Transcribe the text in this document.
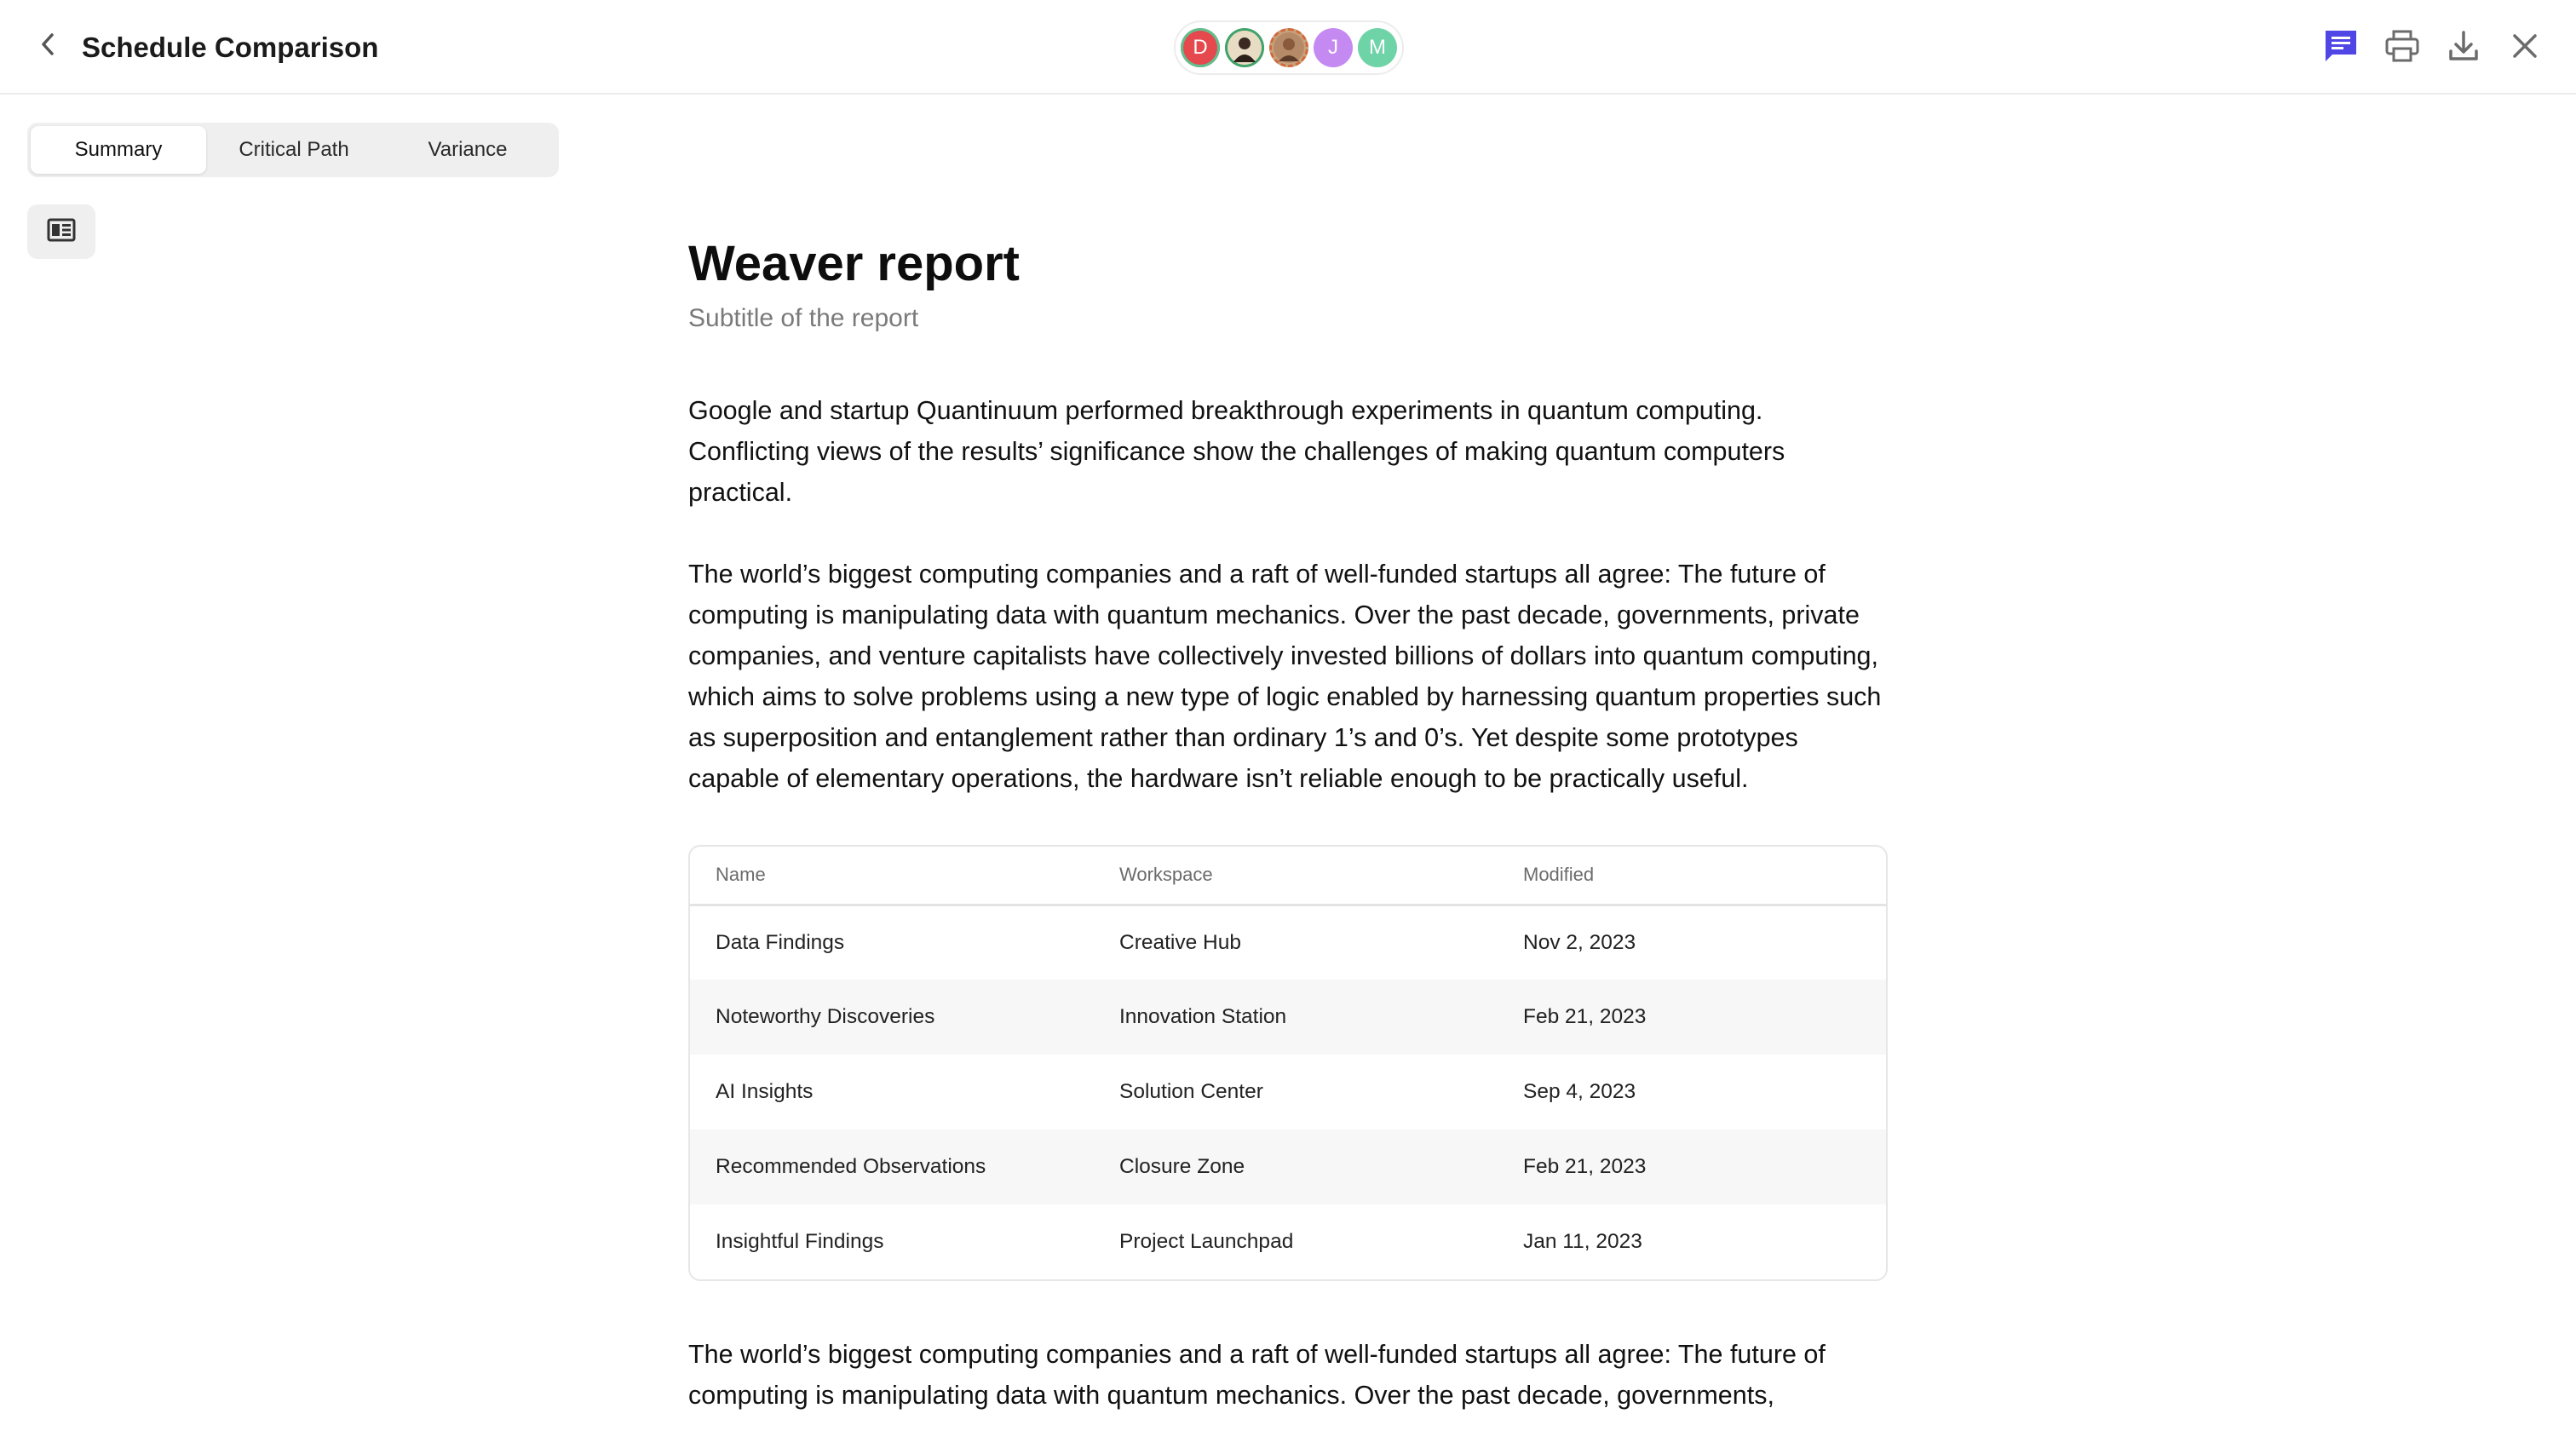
Schedule Comparison	D	J M
Summary	Critical Path	Variance
Weaver report

Subtitle of the report

Google and startup Quantinuum performed breakthrough experiments in quantum computing. Conflicting views of the results’ significance show the challenges of making quantum computers practical.

The world’s biggest computing companies and a raft of well-funded startups all agree: The future of computing is manipulating data with quantum mechanics. Over the past decade, governments, private companies, and venture capitalists have collectively invested billions of dollars into quantum computing, which aims to solve problems using a new type of logic enabled by harnessing quantum properties such as superposition and entanglement rather than ordinary 1’s and 0’s. Yet despite some prototypes capable of elementary operations, the hardware isn’t reliable enough to be practically useful.

Name	Workspace	Modified
Data Findings	Creative Hub	Nov 2, 2023
Noteworthy Discoveries	Innovation Station	Feb 21, 2023
AI Insights	Solution Center	Sep 4, 2023
Recommended Observations	Closure Zone	Feb 21, 2023
Insightful Findings	Project Launchpad	Jan 11, 2023

The world’s biggest computing companies and a raft of well-funded startups all agree: The future of computing is manipulating data with quantum mechanics. Over the past decade, governments,
